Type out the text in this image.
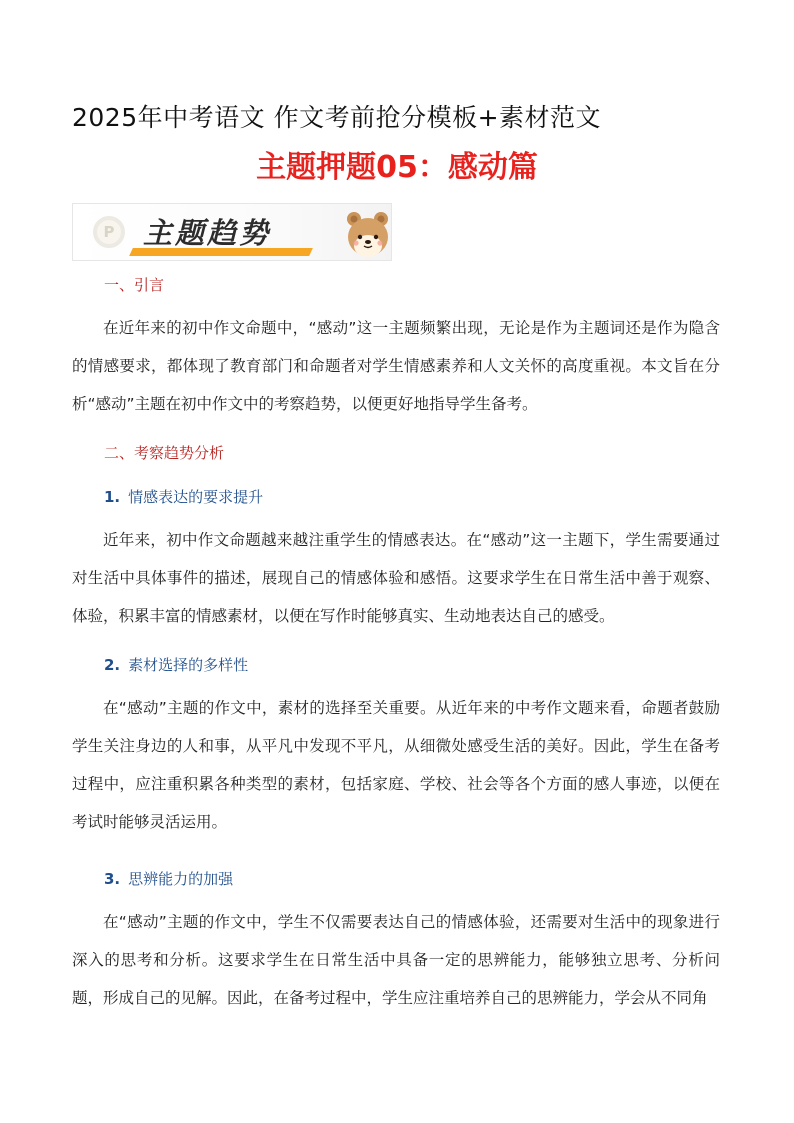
2025年中考语文 作文考前抢分模板+素材范文
主题押题05：感动篇
P 主题趋势
一、引言
在近年来的初中作文命题中，“感动”这一主题频繁出现，无论是作为主题词还是作为隐含的情感要求，都体现了教育部门和命题者对学生情感素养和人文关怀的高度重视。本文旨在分析“感动”主题在初中作文中的考察趋势，以便更好地指导学生备考。
二、考察趋势分析
1. 情感表达的要求提升
近年来，初中作文命题越来越注重学生的情感表达。在“感动”这一主题下，学生需要通过对生活中具体事件的描述，展现自己的情感体验和感悟。这要求学生在日常生活中善于观察、体验，积累丰富的情感素材，以便在写作时能够真实、生动地表达自己的感受。
2. 素材选择的多样性
在“感动”主题的作文中，素材的选择至关重要。从近年来的中考作文题来看，命题者鼓励学生关注身边的人和事，从平凡中发现不平凡，从细微处感受生活的美好。因此，学生在备考过程中，应注重积累各种类型的素材，包括家庭、学校、社会等各个方面的感人事迹，以便在考试时能够灵活运用。
3. 思辨能力的加强
在“感动”主题的作文中，学生不仅需要表达自己的情感体验，还需要对生活中的现象进行深入的思考和分析。这要求学生在日常生活中具备一定的思辨能力，能够独立思考、分析问题，形成自己的见解。因此，在备考过程中，学生应注重培养自己的思辨能力，学会从不同角
